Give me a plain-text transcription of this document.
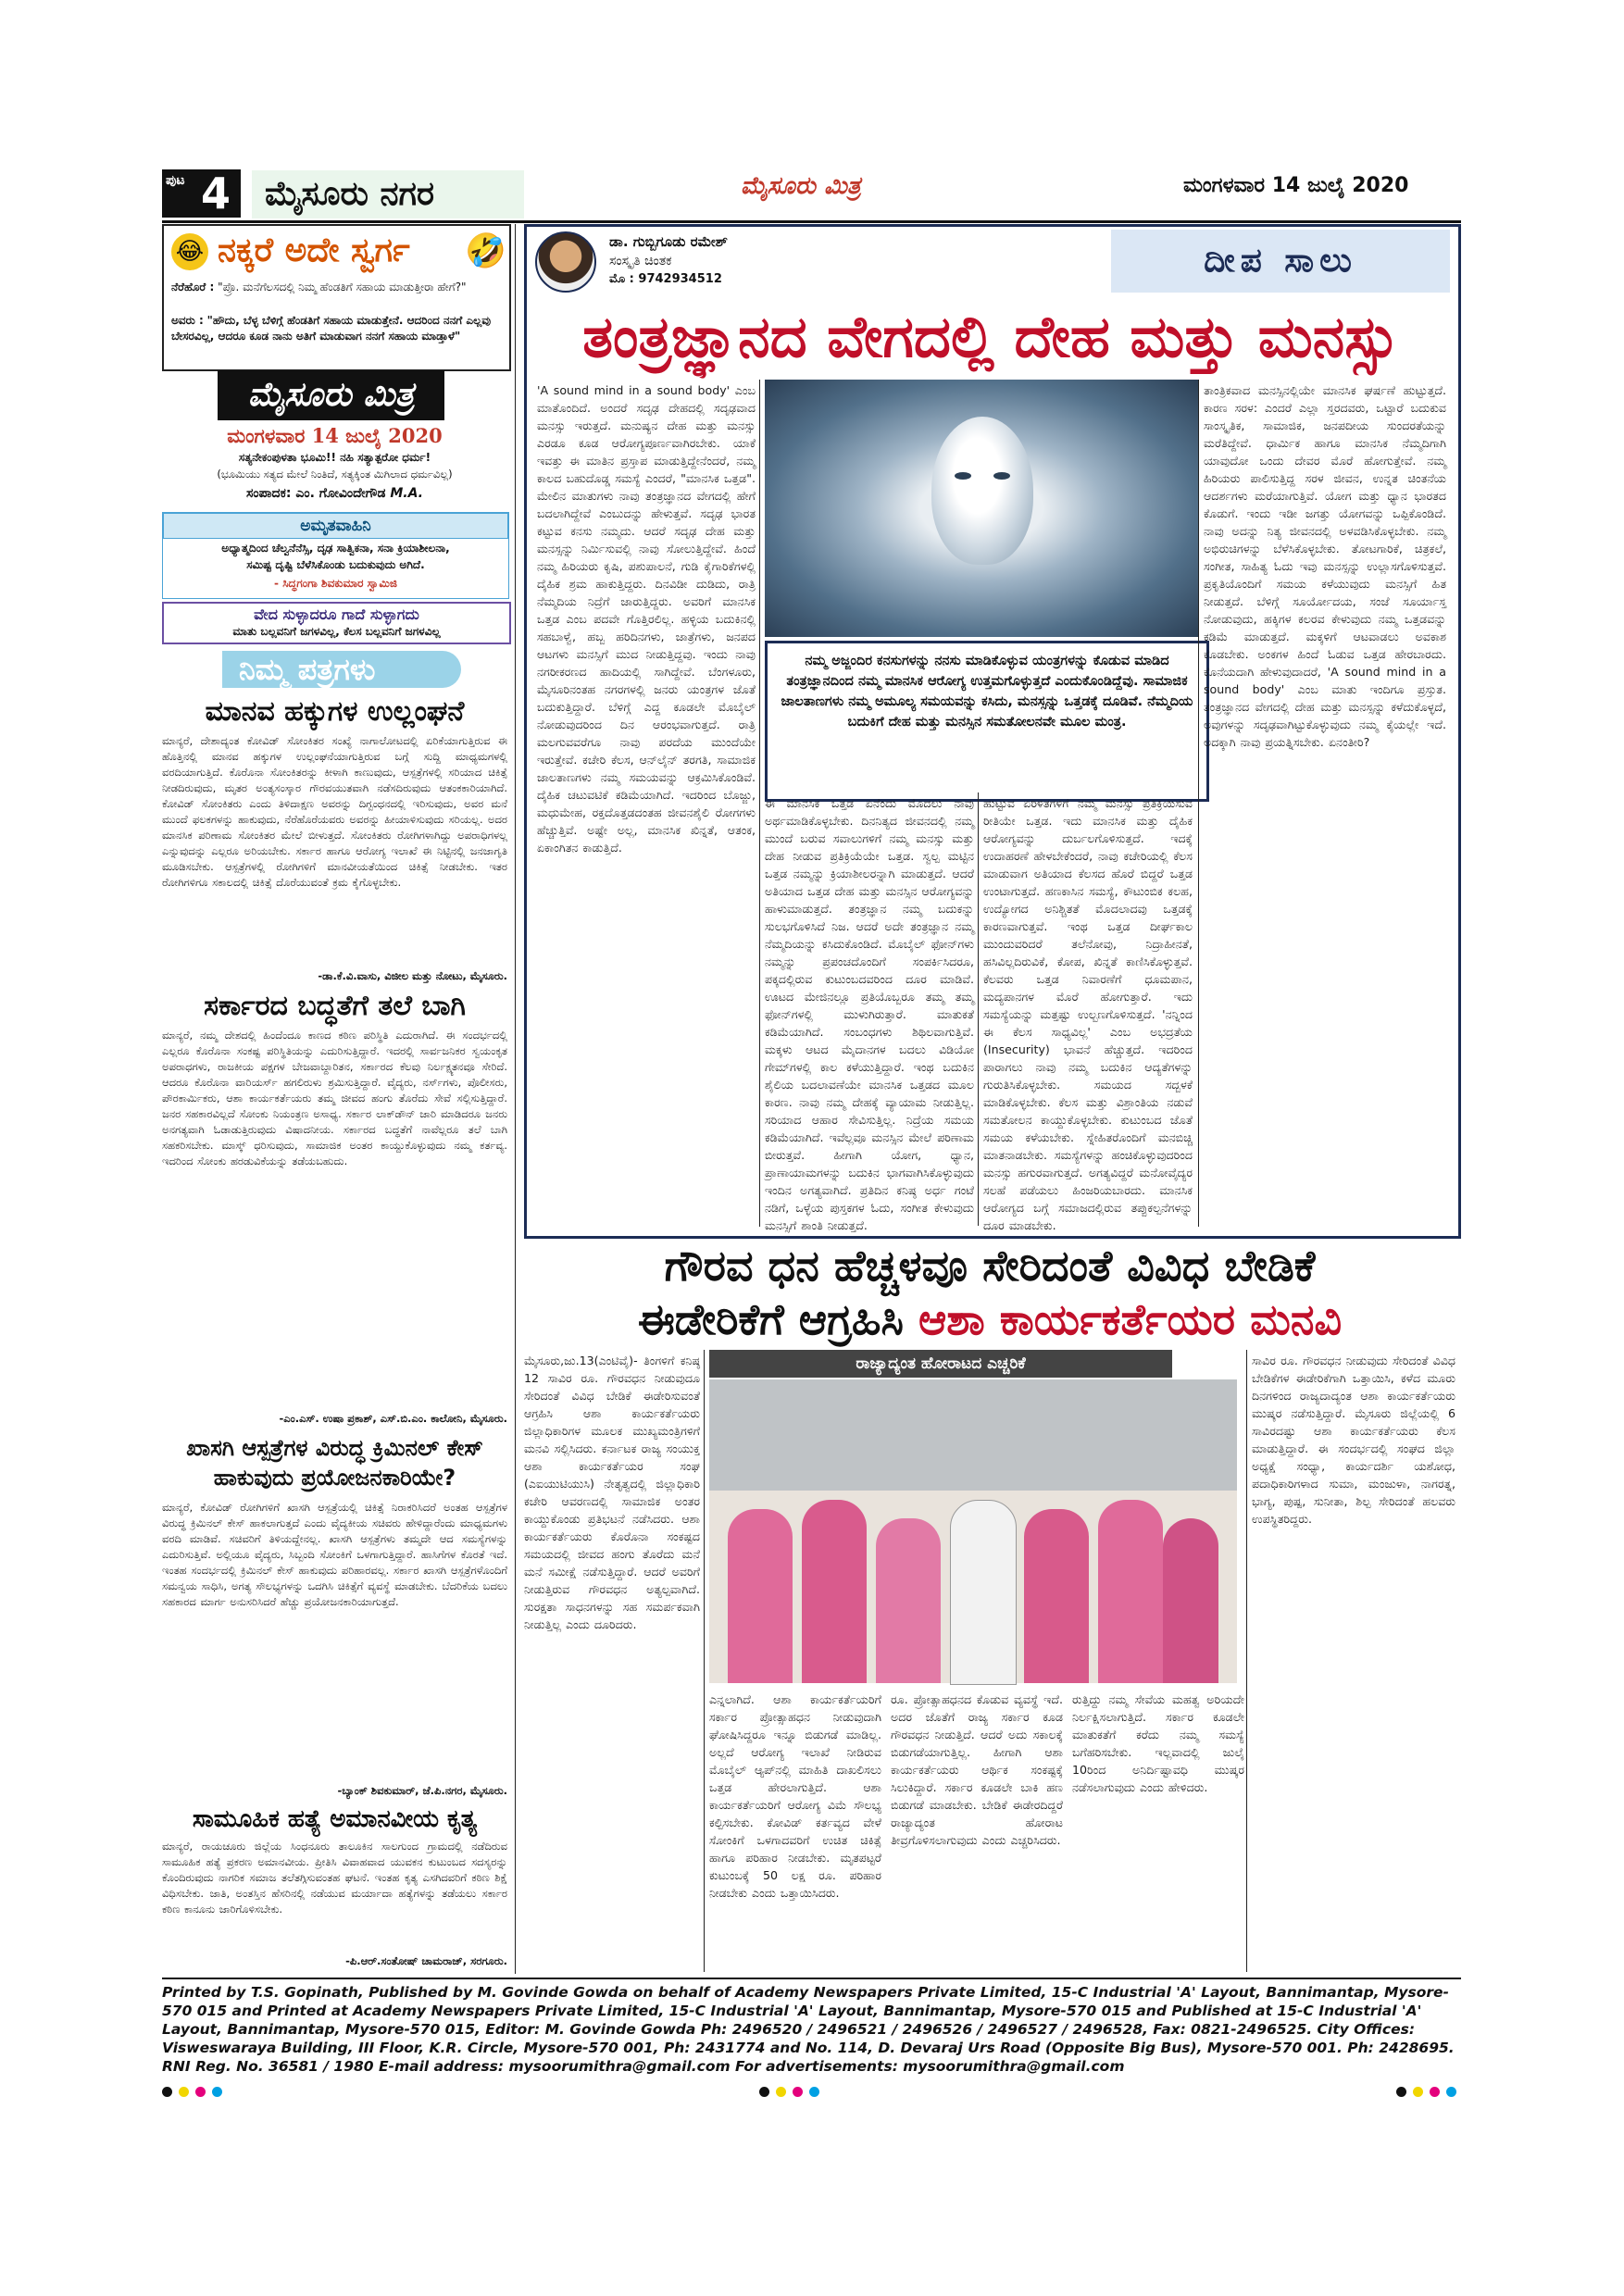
ಪುಟ 4	ಮೈಸೂರು ನಗರ	ಮೈಸೂರು ಮಿತ್ರ	ಮಂಗಳವಾರ 14 ಜುಲೈ 2020
😂 ನಕ್ಕರೆ ಅದೇ ಸ್ವರ್ಗ 🤣
ನೆರೆಹೊರೆ : "ಪ್ರೊ. ಮನೆಗೆಲಸದಲ್ಲಿ ನಿಮ್ಮ ಹೆಂಡತಿಗೆ ಸಹಾಯ ಮಾಡುತ್ತೀರಾ ಹೇಗೆ?"
ಅವರು : "ಹೌದು, ಬೆಳ್ಳ ಬೆಳಿಗ್ಗೆ ಹೆಂಡತಿಗೆ ಸಹಾಯ ಮಾಡುತ್ತೇನೆ. ಆದರಿಂದ ನನಗೆ ಎಲ್ಲವು ಬೇಸರವಿಲ್ಲ, ಆದರೂ ಕೂಡ ನಾನು ಅತಿಗೆ ಮಾಡುವಾಗ ನನಗೆ ಸಹಾಯ ಮಾಡ್ತಾಳೆ"
ಮೈಸೂರು ಮಿತ್ರ
ಮಂಗಳವಾರ 14 ಜುಲೈ 2020
ಸತ್ಯನೇಕಂಪುಳತಾ ಭೂಮಿ!! ನಹಿ ಸತ್ಯಾತ್ಪರೋ ಧರ್ಮ!
(ಭೂಮಿಯು ಸತ್ಯದ ಮೇಲೆ ನಿಂತಿದೆ, ಸತ್ಯಕ್ಕಿಂತ ಮಿಗಿಲಾದ ಧರ್ಮವಿಲ್ಲ)
ಸಂಪಾದಕ: ಎಂ. ಗೋವಿಂದೇಗೌಡ M.A.
ಅಮೃತವಾಹಿನಿ
ಅಧ್ಯಾತ್ಮದಿಂದ ಚೆಲ್ವನೆನೆಸ್ಸಿ, ದೃಢ ಸಾತ್ವಿಕನಾ, ಸನಾ ಕ್ರಿಯಾಶೀಲನಾ,
ಸಮಿಷ್ಟ ದೃಷ್ಟಿ ಬೆಳೆಸಿಕೊಂಡು ಬದುಕುವುದು ಅಗಿದೆ.
- ಸಿದ್ಧಗಂಗಾ ಶಿವಕುಮಾರ ಸ್ವಾಮಿಜಿ
ವೇದ ಸುಳ್ಳಾದರೂ ಗಾದೆ ಸುಳ್ಳಾಗದು
ಮಾತು ಬಲ್ಲವನಿಗೆ ಜಗಳವಿಲ್ಲ, ಕೆಲಸ ಬಲ್ಲವನಿಗೆ ಜಗಳವಿಲ್ಲ
ನಿಮ್ಮ ಪತ್ರಗಳು
ಮಾನವ ಹಕ್ಕುಗಳ ಉಲ್ಲಂಘನೆ
ಮಾನ್ಯರೆ, ದೇಶಾದ್ಯಂತ ಕೋವಿಡ್ ಸೋಂಕಿತರ ಸಂಖ್ಯೆ ನಾಗಾಲೋಟದಲ್ಲಿ ಏರಿಕೆಯಾಗುತ್ತಿರುವ ಈ ಹೊತ್ತಿನಲ್ಲಿ ಮಾನವ ಹಕ್ಕುಗಳ ಉಲ್ಲಂಘನೆಯಾಗುತ್ತಿರುವ ಬಗ್ಗೆ ಸುದ್ದಿ ಮಾಧ್ಯಮಗಳಲ್ಲಿ ವರದಿಯಾಗುತ್ತಿದೆ. ಕೊರೊನಾ ಸೋಂಕಿತರನ್ನು ಕೀಳಾಗಿ ಕಾಣುವುದು, ಆಸ್ಪತ್ರೆಗಳಲ್ಲಿ ಸರಿಯಾದ ಚಿಕಿತ್ಸೆ ನೀಡದಿರುವುದು, ಮೃತರ ಅಂತ್ಯಸಂಸ್ಕಾರ ಗೌರವಯುತವಾಗಿ ನಡೆಸದಿರುವುದು ಆತಂಕಕಾರಿಯಾಗಿದೆ. ಕೋವಿಡ್ ಸೋಂಕಿತರು ಎಂದು ತಿಳಿದಾಕ್ಷಣ ಅವರನ್ನು ದಿಗ್ಬಂಧನದಲ್ಲಿ ಇರಿಸುವುದು, ಅವರ ಮನೆ ಮುಂದೆ ಫಲಕಗಳನ್ನು ಹಾಕುವುದು, ನೆರೆಹೊರೆಯವರು ಅವರನ್ನು ಹೀಯಾಳಿಸುವುದು ಸರಿಯಲ್ಲ. ಅದರ ಮಾನಸಿಕ ಪರಿಣಾಮ ಸೋಂಕಿತರ ಮೇಲೆ ಬೀಳುತ್ತದೆ. ಸೋಂಕಿತರು ರೋಗಿಗಳಾಗಿದ್ದು ಅಪರಾಧಿಗಳಲ್ಲ ಎನ್ನುವುದನ್ನು ಎಲ್ಲರೂ ಅರಿಯಬೇಕು. ಸರ್ಕಾರ ಹಾಗೂ ಆರೋಗ್ಯ ಇಲಾಖೆ ಈ ನಿಟ್ಟಿನಲ್ಲಿ ಜನಜಾಗೃತಿ ಮೂಡಿಸಬೇಕು. ಆಸ್ಪತ್ರೆಗಳಲ್ಲಿ ರೋಗಿಗಳಿಗೆ ಮಾನವೀಯತೆಯಿಂದ ಚಿಕಿತ್ಸೆ ನೀಡಬೇಕು. ಇತರ ರೋಗಿಗಳಿಗೂ ಸಕಾಲದಲ್ಲಿ ಚಿಕಿತ್ಸೆ ದೊರೆಯುವಂತೆ ಕ್ರಮ ಕೈಗೊಳ್ಳಬೇಕು.
-ಡಾ.ಕೆ.ವಿ.ವಾಸು, ವಿಜೀಲ ಮತ್ತು ನೋಟು, ಮೈಸೂರು.
ಸರ್ಕಾರದ ಬದ್ಧತೆಗೆ ತಲೆ ಬಾಗಿ
ಮಾನ್ಯರೆ, ನಮ್ಮ ದೇಶದಲ್ಲಿ ಹಿಂದೆಂದೂ ಕಾಣದ ಕಠಿಣ ಪರಿಸ್ಥಿತಿ ಎದುರಾಗಿದೆ. ಈ ಸಂದರ್ಭದಲ್ಲಿ ಎಲ್ಲರೂ ಕೊರೊನಾ ಸಂಕಷ್ಟ ಪರಿಸ್ಥಿತಿಯನ್ನು ಎದುರಿಸುತ್ತಿದ್ದಾರೆ. ಇದರಲ್ಲಿ ಸಾರ್ವಜನಿಕರ ಸ್ವಯಂಕೃತ ಅಪರಾಧಗಳು, ರಾಜಕೀಯ ಪಕ್ಷಗಳ ಬೇಜವಾಬ್ದಾರಿತನ, ಸರ್ಕಾರದ ಕೆಲವು ನಿರ್ಲಕ್ಷ್ಯತನವೂ ಸೇರಿದೆ. ಆದರೂ ಕೊರೊನಾ ವಾರಿಯರ್ಸ್ ಹಗಲಿರುಳು ಶ್ರಮಿಸುತ್ತಿದ್ದಾರೆ. ವೈದ್ಯರು, ನರ್ಸ್‌ಗಳು, ಪೊಲೀಸರು, ಪೌರಕಾರ್ಮಿಕರು, ಆಶಾ ಕಾರ್ಯಕರ್ತೆಯರು ತಮ್ಮ ಜೀವದ ಹಂಗು ತೊರೆದು ಸೇವೆ ಸಲ್ಲಿಸುತ್ತಿದ್ದಾರೆ. ಜನರ ಸಹಕಾರವಿಲ್ಲದೆ ಸೋಂಕು ನಿಯಂತ್ರಣ ಅಸಾಧ್ಯ. ಸರ್ಕಾರ ಲಾಕ್‌ಡೌನ್ ಜಾರಿ ಮಾಡಿದರೂ ಜನರು ಅನಗತ್ಯವಾಗಿ ಓಡಾಡುತ್ತಿರುವುದು ವಿಷಾದನೀಯ. ಸರ್ಕಾರದ ಬದ್ಧತೆಗೆ ನಾವೆಲ್ಲರೂ ತಲೆ ಬಾಗಿ ಸಹಕರಿಸಬೇಕು. ಮಾಸ್ಕ್ ಧರಿಸುವುದು, ಸಾಮಾಜಿಕ ಅಂತರ ಕಾಯ್ದುಕೊಳ್ಳುವುದು ನಮ್ಮ ಕರ್ತವ್ಯ. ಇದರಿಂದ ಸೋಂಕು ಹರಡುವಿಕೆಯನ್ನು ತಡೆಯಬಹುದು.
-ಎಂ.ಎಸ್. ಉಷಾ ಪ್ರಕಾಶ್, ಎಸ್.ಬಿ.ಎಂ. ಕಾಲೋನಿ, ಮೈಸೂರು.
ಖಾಸಗಿ ಆಸ್ಪತ್ರೆಗಳ ವಿರುದ್ಧ ಕ್ರಿಮಿನಲ್ ಕೇಸ್ ಹಾಕುವುದು ಪ್ರಯೋಜನಕಾರಿಯೇ?
ಮಾನ್ಯರೆ, ಕೋವಿಡ್ ರೋಗಿಗಳಿಗೆ ಖಾಸಗಿ ಆಸ್ಪತ್ರೆಯಲ್ಲಿ ಚಿಕಿತ್ಸೆ ನಿರಾಕರಿಸಿದರೆ ಅಂತಹ ಆಸ್ಪತ್ರೆಗಳ ವಿರುದ್ಧ ಕ್ರಿಮಿನಲ್ ಕೇಸ್ ಹಾಕಲಾಗುತ್ತದೆ ಎಂದು ವೈದ್ಯಕೀಯ ಸಚಿವರು ಹೇಳಿದ್ದಾರೆಂದು ಮಾಧ್ಯಮಗಳು ವರದಿ ಮಾಡಿವೆ. ಸಚಿವರಿಗೆ ತಿಳಿಯದ್ದೇನಲ್ಲ. ಖಾಸಗಿ ಆಸ್ಪತ್ರೆಗಳು ತಮ್ಮದೇ ಆದ ಸಮಸ್ಯೆಗಳನ್ನು ಎದುರಿಸುತ್ತಿವೆ. ಅಲ್ಲಿಯೂ ವೈದ್ಯರು, ಸಿಬ್ಬಂದಿ ಸೋಂಕಿಗೆ ಒಳಗಾಗುತ್ತಿದ್ದಾರೆ. ಹಾಸಿಗೆಗಳ ಕೊರತೆ ಇದೆ. ಇಂತಹ ಸಂದರ್ಭದಲ್ಲಿ ಕ್ರಿಮಿನಲ್ ಕೇಸ್ ಹಾಕುವುದು ಪರಿಹಾರವಲ್ಲ. ಸರ್ಕಾರ ಖಾಸಗಿ ಆಸ್ಪತ್ರೆಗಳೊಂದಿಗೆ ಸಮನ್ವಯ ಸಾಧಿಸಿ, ಅಗತ್ಯ ಸೌಲಭ್ಯಗಳನ್ನು ಒದಗಿಸಿ ಚಿಕಿತ್ಸೆಗೆ ವ್ಯವಸ್ಥೆ ಮಾಡಬೇಕು. ಬೆದರಿಕೆಯ ಬದಲು ಸಹಕಾರದ ಮಾರ್ಗ ಅನುಸರಿಸಿದರೆ ಹೆಚ್ಚು ಪ್ರಯೋಜನಕಾರಿಯಾಗುತ್ತದೆ.
-ಬ್ಯಾಂಕ್ ಶಿವಕುಮಾರ್, ಜೆ.ಪಿ.ನಗರ, ಮೈಸೂರು.
ಸಾಮೂಹಿಕ ಹತ್ಯೆ ಅಮಾನವೀಯ ಕೃತ್ಯ
ಮಾನ್ಯರೆ, ರಾಯಚೂರು ಜಿಲ್ಲೆಯ ಸಿಂಧನೂರು ತಾಲೂಕಿನ ಸಾಲಗುಂದ ಗ್ರಾಮದಲ್ಲಿ ನಡೆದಿರುವ ಸಾಮೂಹಿಕ ಹತ್ಯೆ ಪ್ರಕರಣ ಅಮಾನವೀಯ. ಪ್ರೀತಿಸಿ ವಿವಾಹವಾದ ಯುವಕನ ಕುಟುಂಬದ ಸದಸ್ಯರನ್ನು ಕೊಂದಿರುವುದು ನಾಗರಿಕ ಸಮಾಜ ತಲೆತಗ್ಗಿಸುವಂತಹ ಘಟನೆ. ಇಂತಹ ಕೃತ್ಯ ಎಸಗಿದವರಿಗೆ ಕಠಿಣ ಶಿಕ್ಷೆ ವಿಧಿಸಬೇಕು. ಜಾತಿ, ಅಂತಸ್ತಿನ ಹೆಸರಿನಲ್ಲಿ ನಡೆಯುವ ಮರ್ಯಾದಾ ಹತ್ಯೆಗಳನ್ನು ತಡೆಯಲು ಸರ್ಕಾರ ಕಠಿಣ ಕಾನೂನು ಜಾರಿಗೊಳಿಸಬೇಕು.
-ಪಿ.ಆರ್.ಸಂತೋಷ್ ಚಾಮರಾಜ್, ಸರಗೂರು.
ಡಾ. ಗುಬ್ಬಿಗೂಡು ರಮೇಶ್
ಸಂಸ್ಕೃತಿ ಚಿಂತಕ
ಮೊ : 9742934512	ದೀಪ ಸಾಲು
ತಂತ್ರಜ್ಞಾನದ ವೇಗದಲ್ಲಿ ದೇಹ ಮತ್ತು ಮನಸ್ಸು
ನಮ್ಮ ಅಜ್ಜಂದಿರ ಕನಸುಗಳನ್ನು ನನಸು ಮಾಡಿಕೊಳ್ಳುವ ಯಂತ್ರಗಳನ್ನು ಕೊಡುವ ಮಾಡಿದ ತಂತ್ರಜ್ಞಾನದಿಂದ ನಮ್ಮ ಮಾನಸಿಕ ಆರೋಗ್ಯ ಉತ್ತಮಗೊಳ್ಳುತ್ತದೆ ಎಂದುಕೊಂಡಿದ್ದೆವು. ಸಾಮಾಜಿಕ ಜಾಲತಾಣಗಳು ನಮ್ಮ ಅಮೂಲ್ಯ ಸಮಯವನ್ನು ಕಸಿದು, ಮನಸ್ಸನ್ನು ಒತ್ತಡಕ್ಕೆ ದೂಡಿವೆ. ನೆಮ್ಮದಿಯ ಬದುಕಿಗೆ ದೇಹ ಮತ್ತು ಮನಸ್ಸಿನ ಸಮತೋಲನವೇ ಮೂಲ ಮಂತ್ರ.
'A sound mind in a sound body' ಎಂಬ ಮಾತೊಂದಿದೆ. ಅಂದರೆ ಸದೃಢ ದೇಹದಲ್ಲಿ ಸದೃಢವಾದ ಮನಸ್ಸು ಇರುತ್ತದೆ. ಮನುಷ್ಯನ ದೇಹ ಮತ್ತು ಮನಸ್ಸು ಎರಡೂ ಕೂಡ ಆರೋಗ್ಯಪೂರ್ಣವಾಗಿರಬೇಕು. ಯಾಕೆ ಇವತ್ತು ಈ ಮಾತಿನ ಪ್ರಸ್ತಾಪ ಮಾಡುತ್ತಿದ್ದೇನೆಂದರೆ, ನಮ್ಮ ಕಾಲದ ಬಹುದೊಡ್ಡ ಸಮಸ್ಯೆ ಎಂದರೆ, "ಮಾನಸಿಕ ಒತ್ತಡ". ಮೇಲಿನ ಮಾತುಗಳು ನಾವು ತಂತ್ರಜ್ಞಾನದ ವೇಗದಲ್ಲಿ ಹೇಗೆ ಬದಲಾಗಿದ್ದೇವೆ ಎಂಬುದನ್ನು ಹೇಳುತ್ತವೆ. ಸದೃಢ ಭಾರತ ಕಟ್ಟುವ ಕನಸು ನಮ್ಮದು. ಆದರೆ ಸದೃಢ ದೇಹ ಮತ್ತು ಮನಸ್ಸನ್ನು ನಿರ್ಮಿಸುವಲ್ಲಿ ನಾವು ಸೋಲುತ್ತಿದ್ದೇವೆ. ಹಿಂದೆ ನಮ್ಮ ಹಿರಿಯರು ಕೃಷಿ, ಪಶುಪಾಲನೆ, ಗುಡಿ ಕೈಗಾರಿಕೆಗಳಲ್ಲಿ ದೈಹಿಕ ಶ್ರಮ ಹಾಕುತ್ತಿದ್ದರು. ದಿನವಿಡೀ ದುಡಿದು, ರಾತ್ರಿ ನೆಮ್ಮದಿಯ ನಿದ್ರೆಗೆ ಜಾರುತ್ತಿದ್ದರು. ಅವರಿಗೆ ಮಾನಸಿಕ ಒತ್ತಡ ಎಂಬ ಪದವೇ ಗೊತ್ತಿರಲಿಲ್ಲ. ಹಳ್ಳಿಯ ಬದುಕಿನಲ್ಲಿ ಸಹಬಾಳ್ವೆ, ಹಬ್ಬ ಹರಿದಿನಗಳು, ಜಾತ್ರೆಗಳು, ಜನಪದ ಆಟಗಳು ಮನಸ್ಸಿಗೆ ಮುದ ನೀಡುತ್ತಿದ್ದವು. ಇಂದು ನಾವು ನಗರೀಕರಣದ ಹಾದಿಯಲ್ಲಿ ಸಾಗಿದ್ದೇವೆ. ಬೆಂಗಳೂರು, ಮೈಸೂರಿನಂತಹ ನಗರಗಳಲ್ಲಿ ಜನರು ಯಂತ್ರಗಳ ಜೊತೆ ಬದುಕುತ್ತಿದ್ದಾರೆ. ಬೆಳಿಗ್ಗೆ ಎದ್ದ ಕೂಡಲೇ ಮೊಬೈಲ್ ನೋಡುವುದರಿಂದ ದಿನ ಆರಂಭವಾಗುತ್ತದೆ. ರಾತ್ರಿ ಮಲಗುವವರೆಗೂ ನಾವು ಪರದೆಯ ಮುಂದೆಯೇ ಇರುತ್ತೇವೆ. ಕಚೇರಿ ಕೆಲಸ, ಆನ್‌ಲೈನ್ ತರಗತಿ, ಸಾಮಾಜಿಕ ಜಾಲತಾಣಗಳು ನಮ್ಮ ಸಮಯವನ್ನು ಆಕ್ರಮಿಸಿಕೊಂಡಿವೆ. ದೈಹಿಕ ಚಟುವಟಿಕೆ ಕಡಿಮೆಯಾಗಿದೆ. ಇದರಿಂದ ಬೊಜ್ಜು, ಮಧುಮೇಹ, ರಕ್ತದೊತ್ತಡದಂತಹ ಜೀವನಶೈಲಿ ರೋಗಗಳು ಹೆಚ್ಚುತ್ತಿವೆ. ಅಷ್ಟೇ ಅಲ್ಲ, ಮಾನಸಿಕ ಖಿನ್ನತೆ, ಆತಂಕ, ಏಕಾಂಗಿತನ ಕಾಡುತ್ತಿದೆ.
ಈ ಮಾನಸಿಕ ಒತ್ತಡ ಏನೆಂದು ಮೊದಲು ನಾವು ಅರ್ಥಮಾಡಿಕೊಳ್ಳಬೇಕು. ದಿನನಿತ್ಯದ ಜೀವನದಲ್ಲಿ ನಮ್ಮ ಮುಂದೆ ಬರುವ ಸವಾಲುಗಳಿಗೆ ನಮ್ಮ ಮನಸ್ಸು ಮತ್ತು ದೇಹ ನೀಡುವ ಪ್ರತಿಕ್ರಿಯೆಯೇ ಒತ್ತಡ. ಸ್ವಲ್ಪ ಮಟ್ಟಿನ ಒತ್ತಡ ನಮ್ಮನ್ನು ಕ್ರಿಯಾಶೀಲರನ್ನಾಗಿ ಮಾಡುತ್ತದೆ. ಆದರೆ ಅತಿಯಾದ ಒತ್ತಡ ದೇಹ ಮತ್ತು ಮನಸ್ಸಿನ ಆರೋಗ್ಯವನ್ನು ಹಾಳುಮಾಡುತ್ತದೆ. ತಂತ್ರಜ್ಞಾನ ನಮ್ಮ ಬದುಕನ್ನು ಸುಲಭಗೊಳಿಸಿದೆ ನಿಜ. ಆದರೆ ಅದೇ ತಂತ್ರಜ್ಞಾನ ನಮ್ಮ ನೆಮ್ಮದಿಯನ್ನು ಕಸಿದುಕೊಂಡಿದೆ. ಮೊಬೈಲ್ ಫೋನ್‌ಗಳು ನಮ್ಮನ್ನು ಪ್ರಪಂಚದೊಂದಿಗೆ ಸಂಪರ್ಕಿಸಿದರೂ, ಪಕ್ಕದಲ್ಲಿರುವ ಕುಟುಂಬದವರಿಂದ ದೂರ ಮಾಡಿವೆ. ಊಟದ ಮೇಜಿನಲ್ಲೂ ಪ್ರತಿಯೊಬ್ಬರೂ ತಮ್ಮ ತಮ್ಮ ಫೋನ್‌ಗಳಲ್ಲಿ ಮುಳುಗಿರುತ್ತಾರೆ. ಮಾತುಕತೆ ಕಡಿಮೆಯಾಗಿದೆ. ಸಂಬಂಧಗಳು ಶಿಥಿಲವಾಗುತ್ತಿವೆ. ಮಕ್ಕಳು ಆಟದ ಮೈದಾನಗಳ ಬದಲು ವಿಡಿಯೋ ಗೇಮ್‌ಗಳಲ್ಲಿ ಕಾಲ ಕಳೆಯುತ್ತಿದ್ದಾರೆ. ಇಂಥ ಬದುಕಿನ ಶೈಲಿಯ ಬದಲಾವಣೆಯೇ ಮಾನಸಿಕ ಒತ್ತಡದ ಮೂಲ ಕಾರಣ. ನಾವು ನಮ್ಮ ದೇಹಕ್ಕೆ ವ್ಯಾಯಾಮ ನೀಡುತ್ತಿಲ್ಲ. ಸರಿಯಾದ ಆಹಾರ ಸೇವಿಸುತ್ತಿಲ್ಲ. ನಿದ್ರೆಯ ಸಮಯ ಕಡಿಮೆಯಾಗಿದೆ. ಇವೆಲ್ಲವೂ ಮನಸ್ಸಿನ ಮೇಲೆ ಪರಿಣಾಮ ಬೀರುತ್ತವೆ. ಹೀಗಾಗಿ ಯೋಗ, ಧ್ಯಾನ, ಪ್ರಾಣಾಯಾಮಗಳನ್ನು ಬದುಕಿನ ಭಾಗವಾಗಿಸಿಕೊಳ್ಳುವುದು ಇಂದಿನ ಅಗತ್ಯವಾಗಿದೆ. ಪ್ರತಿದಿನ ಕನಿಷ್ಠ ಅರ್ಧ ಗಂಟೆ ನಡಿಗೆ, ಒಳ್ಳೆಯ ಪುಸ್ತಕಗಳ ಓದು, ಸಂಗೀತ ಕೇಳುವುದು ಮನಸ್ಸಿಗೆ ಶಾಂತಿ ನೀಡುತ್ತದೆ.
ಹುಟ್ಟುವ ಏರಿಳಿತಗಳಿಗೆ ನಮ್ಮ ಮನಸ್ಸು ಪ್ರತಿಕ್ರಿಯಿಸುವ ರೀತಿಯೇ ಒತ್ತಡ. ಇದು ಮಾನಸಿಕ ಮತ್ತು ದೈಹಿಕ ಆರೋಗ್ಯವನ್ನು ದುರ್ಬಲಗೊಳಿಸುತ್ತದೆ. ಇದಕ್ಕೆ ಉದಾಹರಣೆ ಹೇಳಬೇಕೆಂದರೆ, ನಾವು ಕಚೇರಿಯಲ್ಲಿ ಕೆಲಸ ಮಾಡುವಾಗ ಅತಿಯಾದ ಕೆಲಸದ ಹೊರೆ ಬಿದ್ದರೆ ಒತ್ತಡ ಉಂಟಾಗುತ್ತದೆ. ಹಣಕಾಸಿನ ಸಮಸ್ಯೆ, ಕೌಟುಂಬಿಕ ಕಲಹ, ಉದ್ಯೋಗದ ಅನಿಶ್ಚಿತತೆ ಮೊದಲಾದವು ಒತ್ತಡಕ್ಕೆ ಕಾರಣವಾಗುತ್ತವೆ. ಇಂಥ ಒತ್ತಡ ದೀರ್ಘಕಾಲ ಮುಂದುವರಿದರೆ ತಲೆನೋವು, ನಿದ್ರಾಹೀನತೆ, ಹಸಿವಿಲ್ಲದಿರುವಿಕೆ, ಕೋಪ, ಖಿನ್ನತೆ ಕಾಣಿಸಿಕೊಳ್ಳುತ್ತವೆ. ಕೆಲವರು ಒತ್ತಡ ನಿವಾರಣೆಗೆ ಧೂಮಪಾನ, ಮದ್ಯಪಾನಗಳ ಮೊರೆ ಹೋಗುತ್ತಾರೆ. ಇದು ಸಮಸ್ಯೆಯನ್ನು ಮತ್ತಷ್ಟು ಉಲ್ಬಣಗೊಳಿಸುತ್ತದೆ. 'ನನ್ನಿಂದ ಈ ಕೆಲಸ ಸಾಧ್ಯವಿಲ್ಲ' ಎಂಬ ಅಭದ್ರತೆಯ (Insecurity) ಭಾವನೆ ಹೆಚ್ಚುತ್ತದೆ. ಇದರಿಂದ ಪಾರಾಗಲು ನಾವು ನಮ್ಮ ಬದುಕಿನ ಆದ್ಯತೆಗಳನ್ನು ಗುರುತಿಸಿಕೊಳ್ಳಬೇಕು. ಸಮಯದ ಸದ್ಬಳಕೆ ಮಾಡಿಕೊಳ್ಳಬೇಕು. ಕೆಲಸ ಮತ್ತು ವಿಶ್ರಾಂತಿಯ ನಡುವೆ ಸಮತೋಲನ ಕಾಯ್ದುಕೊಳ್ಳಬೇಕು. ಕುಟುಂಬದ ಜೊತೆ ಸಮಯ ಕಳೆಯಬೇಕು. ಸ್ನೇಹಿತರೊಂದಿಗೆ ಮನಬಿಚ್ಚಿ ಮಾತನಾಡಬೇಕು. ಸಮಸ್ಯೆಗಳನ್ನು ಹಂಚಿಕೊಳ್ಳುವುದರಿಂದ ಮನಸ್ಸು ಹಗುರವಾಗುತ್ತದೆ. ಅಗತ್ಯವಿದ್ದರೆ ಮನೋವೈದ್ಯರ ಸಲಹೆ ಪಡೆಯಲು ಹಿಂಜರಿಯಬಾರದು. ಮಾನಸಿಕ ಆರೋಗ್ಯದ ಬಗ್ಗೆ ಸಮಾಜದಲ್ಲಿರುವ ತಪ್ಪುಕಲ್ಪನೆಗಳನ್ನು ದೂರ ಮಾಡಬೇಕು.
ತಾಂತ್ರಿಕವಾದ ಮನಸ್ಸಿನಲ್ಲಿಯೇ ಮಾನಸಿಕ ಘರ್ಷಣೆ ಹುಟ್ಟುತ್ತದೆ. ಕಾರಣ ಸರಳ: ಎಂದರೆ ಎಲ್ಲಾ ಸ್ತರದವರು, ಒಟ್ಟಾರೆ ಬದುಕುವ ಸಾಂಸ್ಕೃತಿಕ, ಸಾಮಾಜಿಕ, ಜನಪದೀಯ ಸುಂದರತೆಯನ್ನು ಮರೆತಿದ್ದೇವೆ. ಧಾರ್ಮಿಕ ಹಾಗೂ ಮಾನಸಿಕ ನೆಮ್ಮದಿಗಾಗಿ ಯಾವುದೋ ಒಂದು ದೇವರ ಮೊರೆ ಹೋಗುತ್ತೇವೆ. ನಮ್ಮ ಹಿರಿಯರು ಪಾಲಿಸುತ್ತಿದ್ದ ಸರಳ ಜೀವನ, ಉನ್ನತ ಚಿಂತನೆಯ ಆದರ್ಶಗಳು ಮರೆಯಾಗುತ್ತಿವೆ. ಯೋಗ ಮತ್ತು ಧ್ಯಾನ ಭಾರತದ ಕೊಡುಗೆ. ಇಂದು ಇಡೀ ಜಗತ್ತು ಯೋಗವನ್ನು ಒಪ್ಪಿಕೊಂಡಿದೆ. ನಾವು ಅದನ್ನು ನಿತ್ಯ ಜೀವನದಲ್ಲಿ ಅಳವಡಿಸಿಕೊಳ್ಳಬೇಕು. ನಮ್ಮ ಅಭಿರುಚಿಗಳನ್ನು ಬೆಳೆಸಿಕೊಳ್ಳಬೇಕು. ತೋಟಗಾರಿಕೆ, ಚಿತ್ರಕಲೆ, ಸಂಗೀತ, ಸಾಹಿತ್ಯ ಓದು ಇವು ಮನಸ್ಸನ್ನು ಉಲ್ಲಾಸಗೊಳಿಸುತ್ತವೆ. ಪ್ರಕೃತಿಯೊಂದಿಗೆ ಸಮಯ ಕಳೆಯುವುದು ಮನಸ್ಸಿಗೆ ಹಿತ ನೀಡುತ್ತದೆ. ಬೆಳಿಗ್ಗೆ ಸೂರ್ಯೋದಯ, ಸಂಜೆ ಸೂರ್ಯಾಸ್ತ ನೋಡುವುದು, ಹಕ್ಕಿಗಳ ಕಲರವ ಕೇಳುವುದು ನಮ್ಮ ಒತ್ತಡವನ್ನು ಕಡಿಮೆ ಮಾಡುತ್ತದೆ. ಮಕ್ಕಳಿಗೆ ಆಟವಾಡಲು ಅವಕಾಶ ಕೊಡಬೇಕು. ಅಂಕಗಳ ಹಿಂದೆ ಓಡುವ ಒತ್ತಡ ಹೇರಬಾರದು. ಕೊನೆಯದಾಗಿ ಹೇಳುವುದಾದರೆ, 'A sound mind in a sound body' ಎಂಬ ಮಾತು ಇಂದಿಗೂ ಪ್ರಸ್ತುತ. ತಂತ್ರಜ್ಞಾನದ ವೇಗದಲ್ಲಿ ದೇಹ ಮತ್ತು ಮನಸ್ಸನ್ನು ಕಳೆದುಕೊಳ್ಳದೆ, ಅವುಗಳನ್ನು ಸದೃಢವಾಗಿಟ್ಟುಕೊಳ್ಳುವುದು ನಮ್ಮ ಕೈಯಲ್ಲೇ ಇದೆ. ಅದಕ್ಕಾಗಿ ನಾವು ಪ್ರಯತ್ನಿಸಬೇಕು. ಏನಂತೀರಿ?
ಗೌರವ ಧನ ಹೆಚ್ಚಳವೂ ಸೇರಿದಂತೆ ವಿವಿಧ ಬೇಡಿಕೆ
ಈಡೇರಿಕೆಗೆ ಆಗ್ರಹಿಸಿ ಆಶಾ ಕಾರ್ಯಕರ್ತೆಯರ ಮನವಿ
ಮೈಸೂರು,ಜು.13(ಎಂಟಿವೈ)- ತಿಂಗಳಿಗೆ ಕನಿಷ್ಠ 12 ಸಾವಿರ ರೂ. ಗೌರವಧನ ನೀಡುವುದೂ ಸೇರಿದಂತೆ ವಿವಿಧ ಬೇಡಿಕೆ ಈಡೇರಿಸುವಂತೆ ಆಗ್ರಹಿಸಿ ಆಶಾ ಕಾರ್ಯಕರ್ತೆಯರು ಜಿಲ್ಲಾಧಿಕಾರಿಗಳ ಮೂಲಕ ಮುಖ್ಯಮಂತ್ರಿಗಳಿಗೆ ಮನವಿ ಸಲ್ಲಿಸಿದರು. ಕರ್ನಾಟಕ ರಾಜ್ಯ ಸಂಯುಕ್ತ ಆಶಾ ಕಾರ್ಯಕರ್ತೆಯರ ಸಂಘ (ಎಐಯುಟಿಯುಸಿ) ನೇತೃತ್ವದಲ್ಲಿ ಜಿಲ್ಲಾಧಿಕಾರಿ ಕಚೇರಿ ಆವರಣದಲ್ಲಿ ಸಾಮಾಜಿಕ ಅಂತರ ಕಾಯ್ದುಕೊಂಡು ಪ್ರತಿಭಟನೆ ನಡೆಸಿದರು. ಆಶಾ ಕಾರ್ಯಕರ್ತೆಯರು ಕೊರೊನಾ ಸಂಕಷ್ಟದ ಸಮಯದಲ್ಲಿ ಜೀವದ ಹಂಗು ತೊರೆದು ಮನೆ ಮನೆ ಸಮೀಕ್ಷೆ ನಡೆಸುತ್ತಿದ್ದಾರೆ. ಆದರೆ ಅವರಿಗೆ ನೀಡುತ್ತಿರುವ ಗೌರವಧನ ಅತ್ಯಲ್ಪವಾಗಿದೆ. ಸುರಕ್ಷತಾ ಸಾಧನಗಳನ್ನು ಸಹ ಸಮರ್ಪಕವಾಗಿ ನೀಡುತ್ತಿಲ್ಲ ಎಂದು ದೂರಿದರು.
ರಾಜ್ಯಾದ್ಯಂತ ಹೋರಾಟದ ಎಚ್ಚರಿಕೆ
ಎನ್ನಲಾಗಿದೆ. ಆಶಾ ಕಾರ್ಯಕರ್ತೆಯರಿಗೆ ಸರ್ಕಾರ ಪ್ರೋತ್ಸಾಹಧನ ನೀಡುವುದಾಗಿ ಘೋಷಿಸಿದ್ದರೂ ಇನ್ನೂ ಬಿಡುಗಡೆ ಮಾಡಿಲ್ಲ. ಅಲ್ಲದೆ ಆರೋಗ್ಯ ಇಲಾಖೆ ನೀಡಿರುವ ಮೊಬೈಲ್ ಆ್ಯಪ್‌ನಲ್ಲಿ ಮಾಹಿತಿ ದಾಖಲಿಸಲು ಒತ್ತಡ ಹೇರಲಾಗುತ್ತಿದೆ. ಆಶಾ ಕಾರ್ಯಕರ್ತೆಯರಿಗೆ ಆರೋಗ್ಯ ವಿಮೆ ಸೌಲಭ್ಯ ಕಲ್ಪಿಸಬೇಕು. ಕೋವಿಡ್ ಕರ್ತವ್ಯದ ವೇಳೆ ಸೋಂಕಿಗೆ ಒಳಗಾದವರಿಗೆ ಉಚಿತ ಚಿಕಿತ್ಸೆ ಹಾಗೂ ಪರಿಹಾರ ನೀಡಬೇಕು. ಮೃತಪಟ್ಟರೆ ಕುಟುಂಬಕ್ಕೆ 50 ಲಕ್ಷ ರೂ. ಪರಿಹಾರ ನೀಡಬೇಕು ಎಂದು ಒತ್ತಾಯಿಸಿದರು.
ರೂ. ಪ್ರೋತ್ಸಾಹಧನದ ಕೊಡುವ ವ್ಯವಸ್ಥೆ ಇದೆ. ಅದರ ಜೊತೆಗೆ ರಾಜ್ಯ ಸರ್ಕಾರ ಕೂಡ ಗೌರವಧನ ನೀಡುತ್ತಿದೆ. ಆದರೆ ಅದು ಸಕಾಲಕ್ಕೆ ಬಿಡುಗಡೆಯಾಗುತ್ತಿಲ್ಲ. ಹೀಗಾಗಿ ಆಶಾ ಕಾರ್ಯಕರ್ತೆಯರು ಆರ್ಥಿಕ ಸಂಕಷ್ಟಕ್ಕೆ ಸಿಲುಕಿದ್ದಾರೆ. ಸರ್ಕಾರ ಕೂಡಲೇ ಬಾಕಿ ಹಣ ಬಿಡುಗಡೆ ಮಾಡಬೇಕು. ಬೇಡಿಕೆ ಈಡೇರದಿದ್ದರೆ ರಾಜ್ಯಾದ್ಯಂತ ಹೋರಾಟ ತೀವ್ರಗೊಳಿಸಲಾಗುವುದು ಎಂದು ಎಚ್ಚರಿಸಿದರು.
ರುತ್ತಿದ್ದು ನಮ್ಮ ಸೇವೆಯ ಮಹತ್ವ ಅರಿಯದೇ ನಿರ್ಲಕ್ಷಿಸಲಾಗುತ್ತಿದೆ. ಸರ್ಕಾರ ಕೂಡಲೇ ಮಾತುಕತೆಗೆ ಕರೆದು ನಮ್ಮ ಸಮಸ್ಯೆ ಬಗೆಹರಿಸಬೇಕು. ಇಲ್ಲವಾದಲ್ಲಿ ಜುಲೈ 10ರಿಂದ ಅನಿರ್ದಿಷ್ಟಾವಧಿ ಮುಷ್ಕರ ನಡೆಸಲಾಗುವುದು ಎಂದು ಹೇಳಿದರು.
ಸಾವಿರ ರೂ. ಗೌರವಧನ ನೀಡುವುದು ಸೇರಿದಂತೆ ವಿವಿಧ ಬೇಡಿಕೆಗಳ ಈಡೇರಿಕೆಗಾಗಿ ಒತ್ತಾಯಿಸಿ, ಕಳೆದ ಮೂರು ದಿನಗಳಿಂದ ರಾಜ್ಯದಾದ್ಯಂತ ಆಶಾ ಕಾರ್ಯಕರ್ತೆಯರು ಮುಷ್ಕರ ನಡೆಸುತ್ತಿದ್ದಾರೆ. ಮೈಸೂರು ಜಿಲ್ಲೆಯಲ್ಲಿ 6 ಸಾವಿರದಷ್ಟು ಆಶಾ ಕಾರ್ಯಕರ್ತೆಯರು ಕೆಲಸ ಮಾಡುತ್ತಿದ್ದಾರೆ. ಈ ಸಂದರ್ಭದಲ್ಲಿ ಸಂಘದ ಜಿಲ್ಲಾ ಅಧ್ಯಕ್ಷೆ ಸಂಧ್ಯಾ, ಕಾರ್ಯದರ್ಶಿ ಯಶೋಧ, ಪದಾಧಿಕಾರಿಗಳಾದ ಸುಮಾ, ಮಂಜುಳಾ, ನಾಗರತ್ನ, ಭಾಗ್ಯ, ಪುಷ್ಪ, ಸುನೀತಾ, ಶಿಲ್ಪ ಸೇರಿದಂತೆ ಹಲವರು ಉಪಸ್ಥಿತರಿದ್ದರು.
Printed by T.S. Gopinath, Published by M. Govinde Gowda on behalf of Academy Newspapers Private Limited, 15-C Industrial 'A' Layout, Bannimantap, Mysore-570 015 and Printed at Academy Newspapers Private Limited, 15-C Industrial 'A' Layout, Bannimantap, Mysore-570 015 and Published at 15-C Industrial 'A' Layout, Bannimantap, Mysore-570 015, Editor: M. Govinde Gowda Ph: 2496520 / 2496521 / 2496526 / 2496527 / 2496528, Fax: 0821-2496525. City Offices: Visweswaraya Building, III Floor, K.R. Circle, Mysore-570 001, Ph: 2431774 and No. 114, D. Devaraj Urs Road (Opposite Big Bus), Mysore-570 001. Ph: 2428695. RNI Reg. No. 36581 / 1980 E-mail address: mysoorumithra@gmail.com For advertisements: mysoorumithra@gmail.com
